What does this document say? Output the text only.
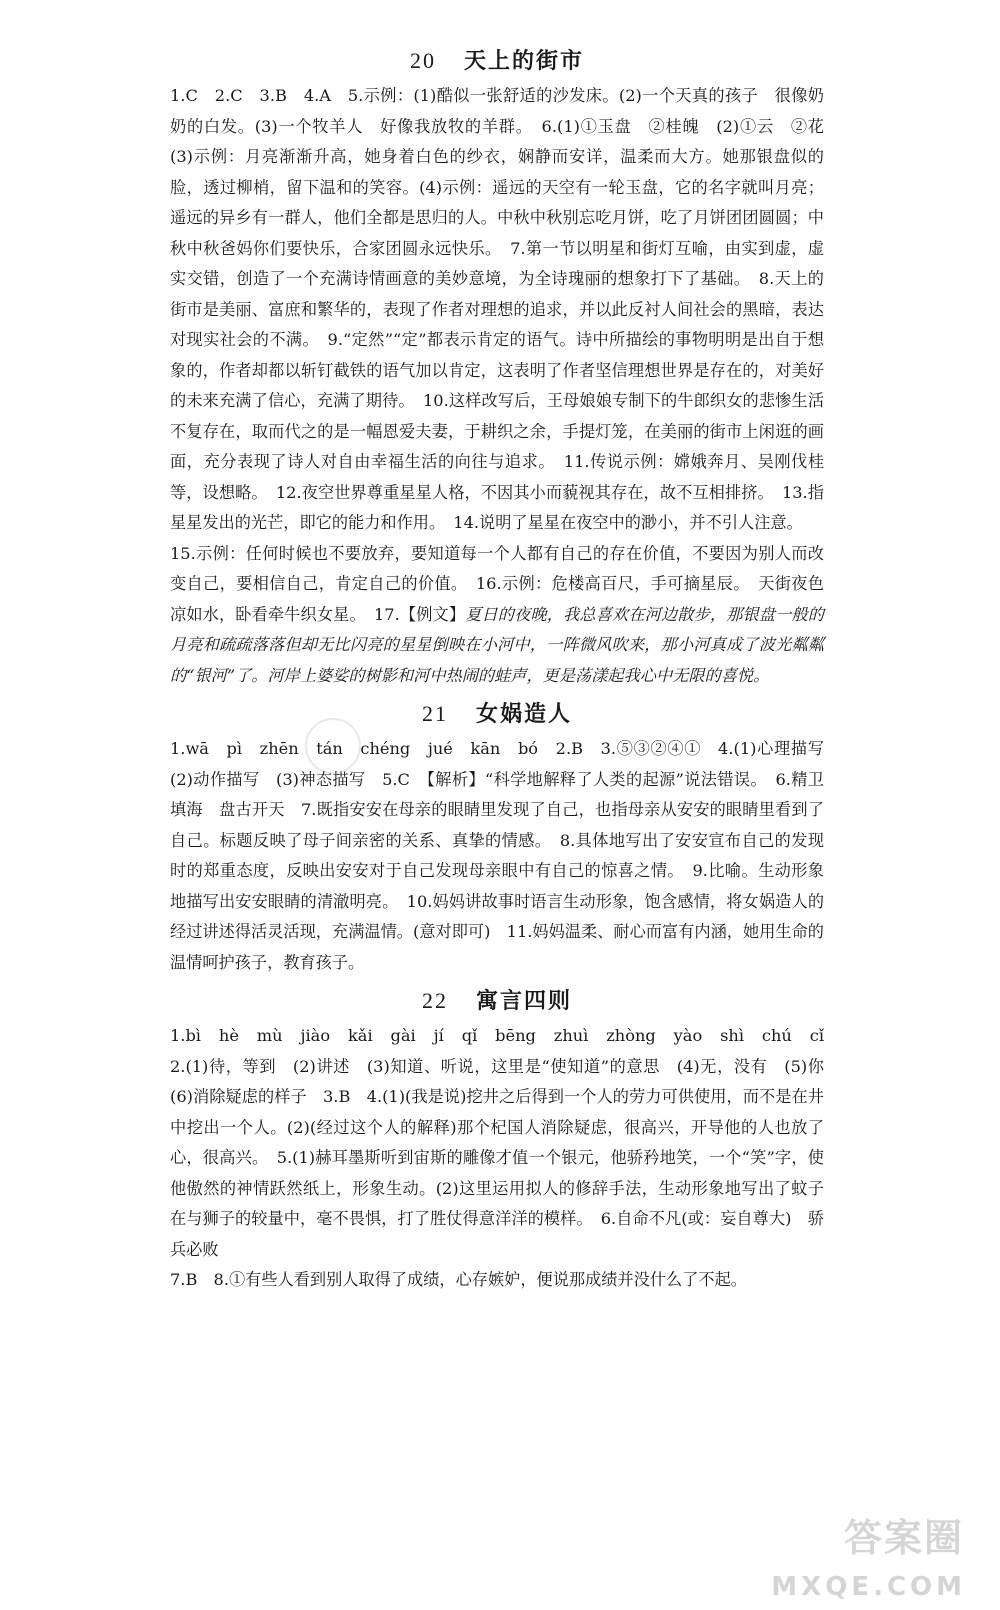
20 天上的街市

1.C　2.C　3.B　4.A　5.示例：(1)酷似一张舒适的沙发床。(2)一个天真的孩子　很像奶奶的白发。(3)一个牧羊人　好像我放牧的羊群。　6.(1)①玉盘　②桂魄　(2)①云　②花　(3)示例：月亮渐渐升高，她身着白色的纱衣，娴静而安详，温柔而大方。她那银盘似的脸，透过柳梢，留下温和的笑容。(4)示例：遥远的天空有一轮玉盘，它的名字就叫月亮；遥远的异乡有一群人，他们全都是思归的人。中秋中秋别忘吃月饼，吃了月饼团团圆圆；中秋中秋爸妈你们要快乐，合家团圆永远快乐。　7.第一节以明星和街灯互喻，由实到虚，虚实交错，创造了一个充满诗情画意的美妙意境，为全诗瑰丽的想象打下了基础。　8.天上的街市是美丽、富庶和繁华的，表现了作者对理想的追求，并以此反衬人间社会的黑暗，表达对现实社会的不满。　9.“定然”“定”都表示肯定的语气。诗中所描绘的事物明明是出自于想象的，作者却都以斩钉截铁的语气加以肯定，这表明了作者坚信理想世界是存在的，对美好的未来充满了信心，充满了期待。　10.这样改写后，王母娘娘专制下的牛郎织女的悲惨生活不复存在，取而代之的是一幅恩爱夫妻，于耕织之余，手提灯笼，在美丽的街市上闲逛的画面，充分表现了诗人对自由幸福生活的向往与追求。　11.传说示例：嫦娥奔月、吴刚伐桂等，设想略。　12.夜空世界尊重星星人格，不因其小而藐视其存在，故不互相排挤。　13.指星星发出的光芒，即它的能力和作用。　14.说明了星星在夜空中的渺小，并不引人注意。

15.示例：任何时候也不要放弃，要知道每一个人都有自己的存在价值，不要因为别人而改变自己，要相信自己，肯定自己的价值。　16.示例：危楼高百尺，手可摘星辰。　天街夜色凉如水，卧看牵牛织女星。　17.【例文】夏日的夜晚，我总喜欢在河边散步，那银盘一般的月亮和疏疏落落但却无比闪亮的星星倒映在小河中，一阵微风吹来，那小河真成了波光粼粼的“银河”了。河岸上婆娑的树影和河中热闹的蛙声，更是荡漾起我心中无限的喜悦。

21 女娲造人

1.wā　pì　zhēn　tán　chéng　jué　kān　bó　2.B　3.⑤③②④①　4.(1)心理描写　(2)动作描写　(3)神态描写　5.C　【解析】“科学地解释了人类的起源”说法错误。　6.精卫填海　盘古开天　7.既指安安在母亲的眼睛里发现了自己，也指母亲从安安的眼睛里看到了自己。标题反映了母子间亲密的关系、真挚的情感。　8.具体地写出了安安宣布自己的发现时的郑重态度，反映出安安对于自己发现母亲眼中有自己的惊喜之情。　9.比喻。生动形象地描写出安安眼睛的清澈明亮。　10.妈妈讲故事时语言生动形象，饱含感情，将女娲造人的经过讲述得活灵活现，充满温情。(意对即可)　11.妈妈温柔、耐心而富有内涵，她用生命的温情呵护孩子，教育孩子。

22 寓言四则

1.bì　hè　mù　jiào　kǎi　gài　jí　qǐ　bēng　zhuì　zhòng　yào　shì　chú　cǐ　2.(1)待，等到　(2)讲述　(3)知道、听说，这里是“使知道”的意思　(4)无，没有　(5)你　(6)消除疑虑的样子　3.B　4.(1)(我是说)挖井之后得到一个人的劳力可供使用，而不是在井中挖出一个人。(2)(经过这个人的解释)那个杞国人消除疑虑，很高兴，开导他的人也放了心，很高兴。　5.(1)赫耳墨斯听到宙斯的雕像才值一个银元，他骄矜地笑，一个“笑”字，使他傲然的神情跃然纸上，形象生动。(2)这里运用拟人的修辞手法，生动形象地写出了蚊子在与狮子的较量中，毫不畏惧，打了胜仗得意洋洋的模样。　6.自命不凡(或：妄自尊大)　骄兵必败

7.B　8.①有些人看到别人取得了成绩，心存嫉妒，便说那成绩并没什么了不起。

答案圈
MXQE.COM
